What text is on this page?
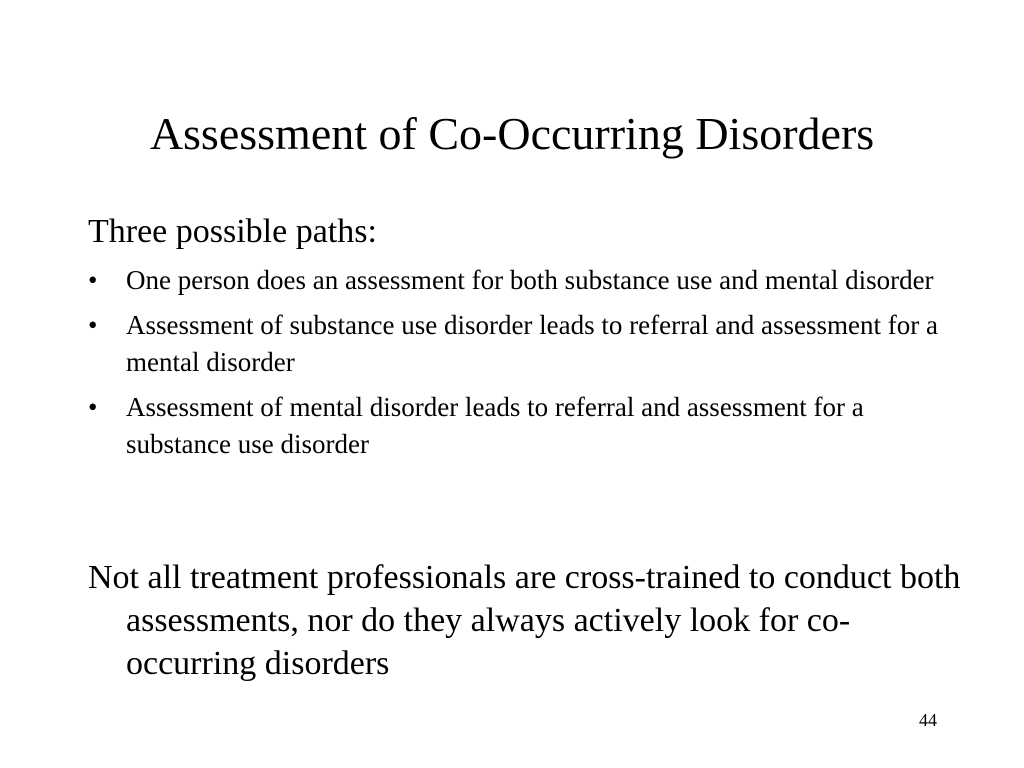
Assessment of Co-Occurring Disorders

Three possible paths:

•	One person does an assessment for both substance use and mental disorder
•	Assessment of substance use disorder leads to referral and assessment for a mental disorder
•	Assessment of mental disorder leads to referral and assessment for a substance use disorder

Not all treatment professionals are cross-trained to conduct both assessments, nor do they always actively look for co-occurring disorders

44
